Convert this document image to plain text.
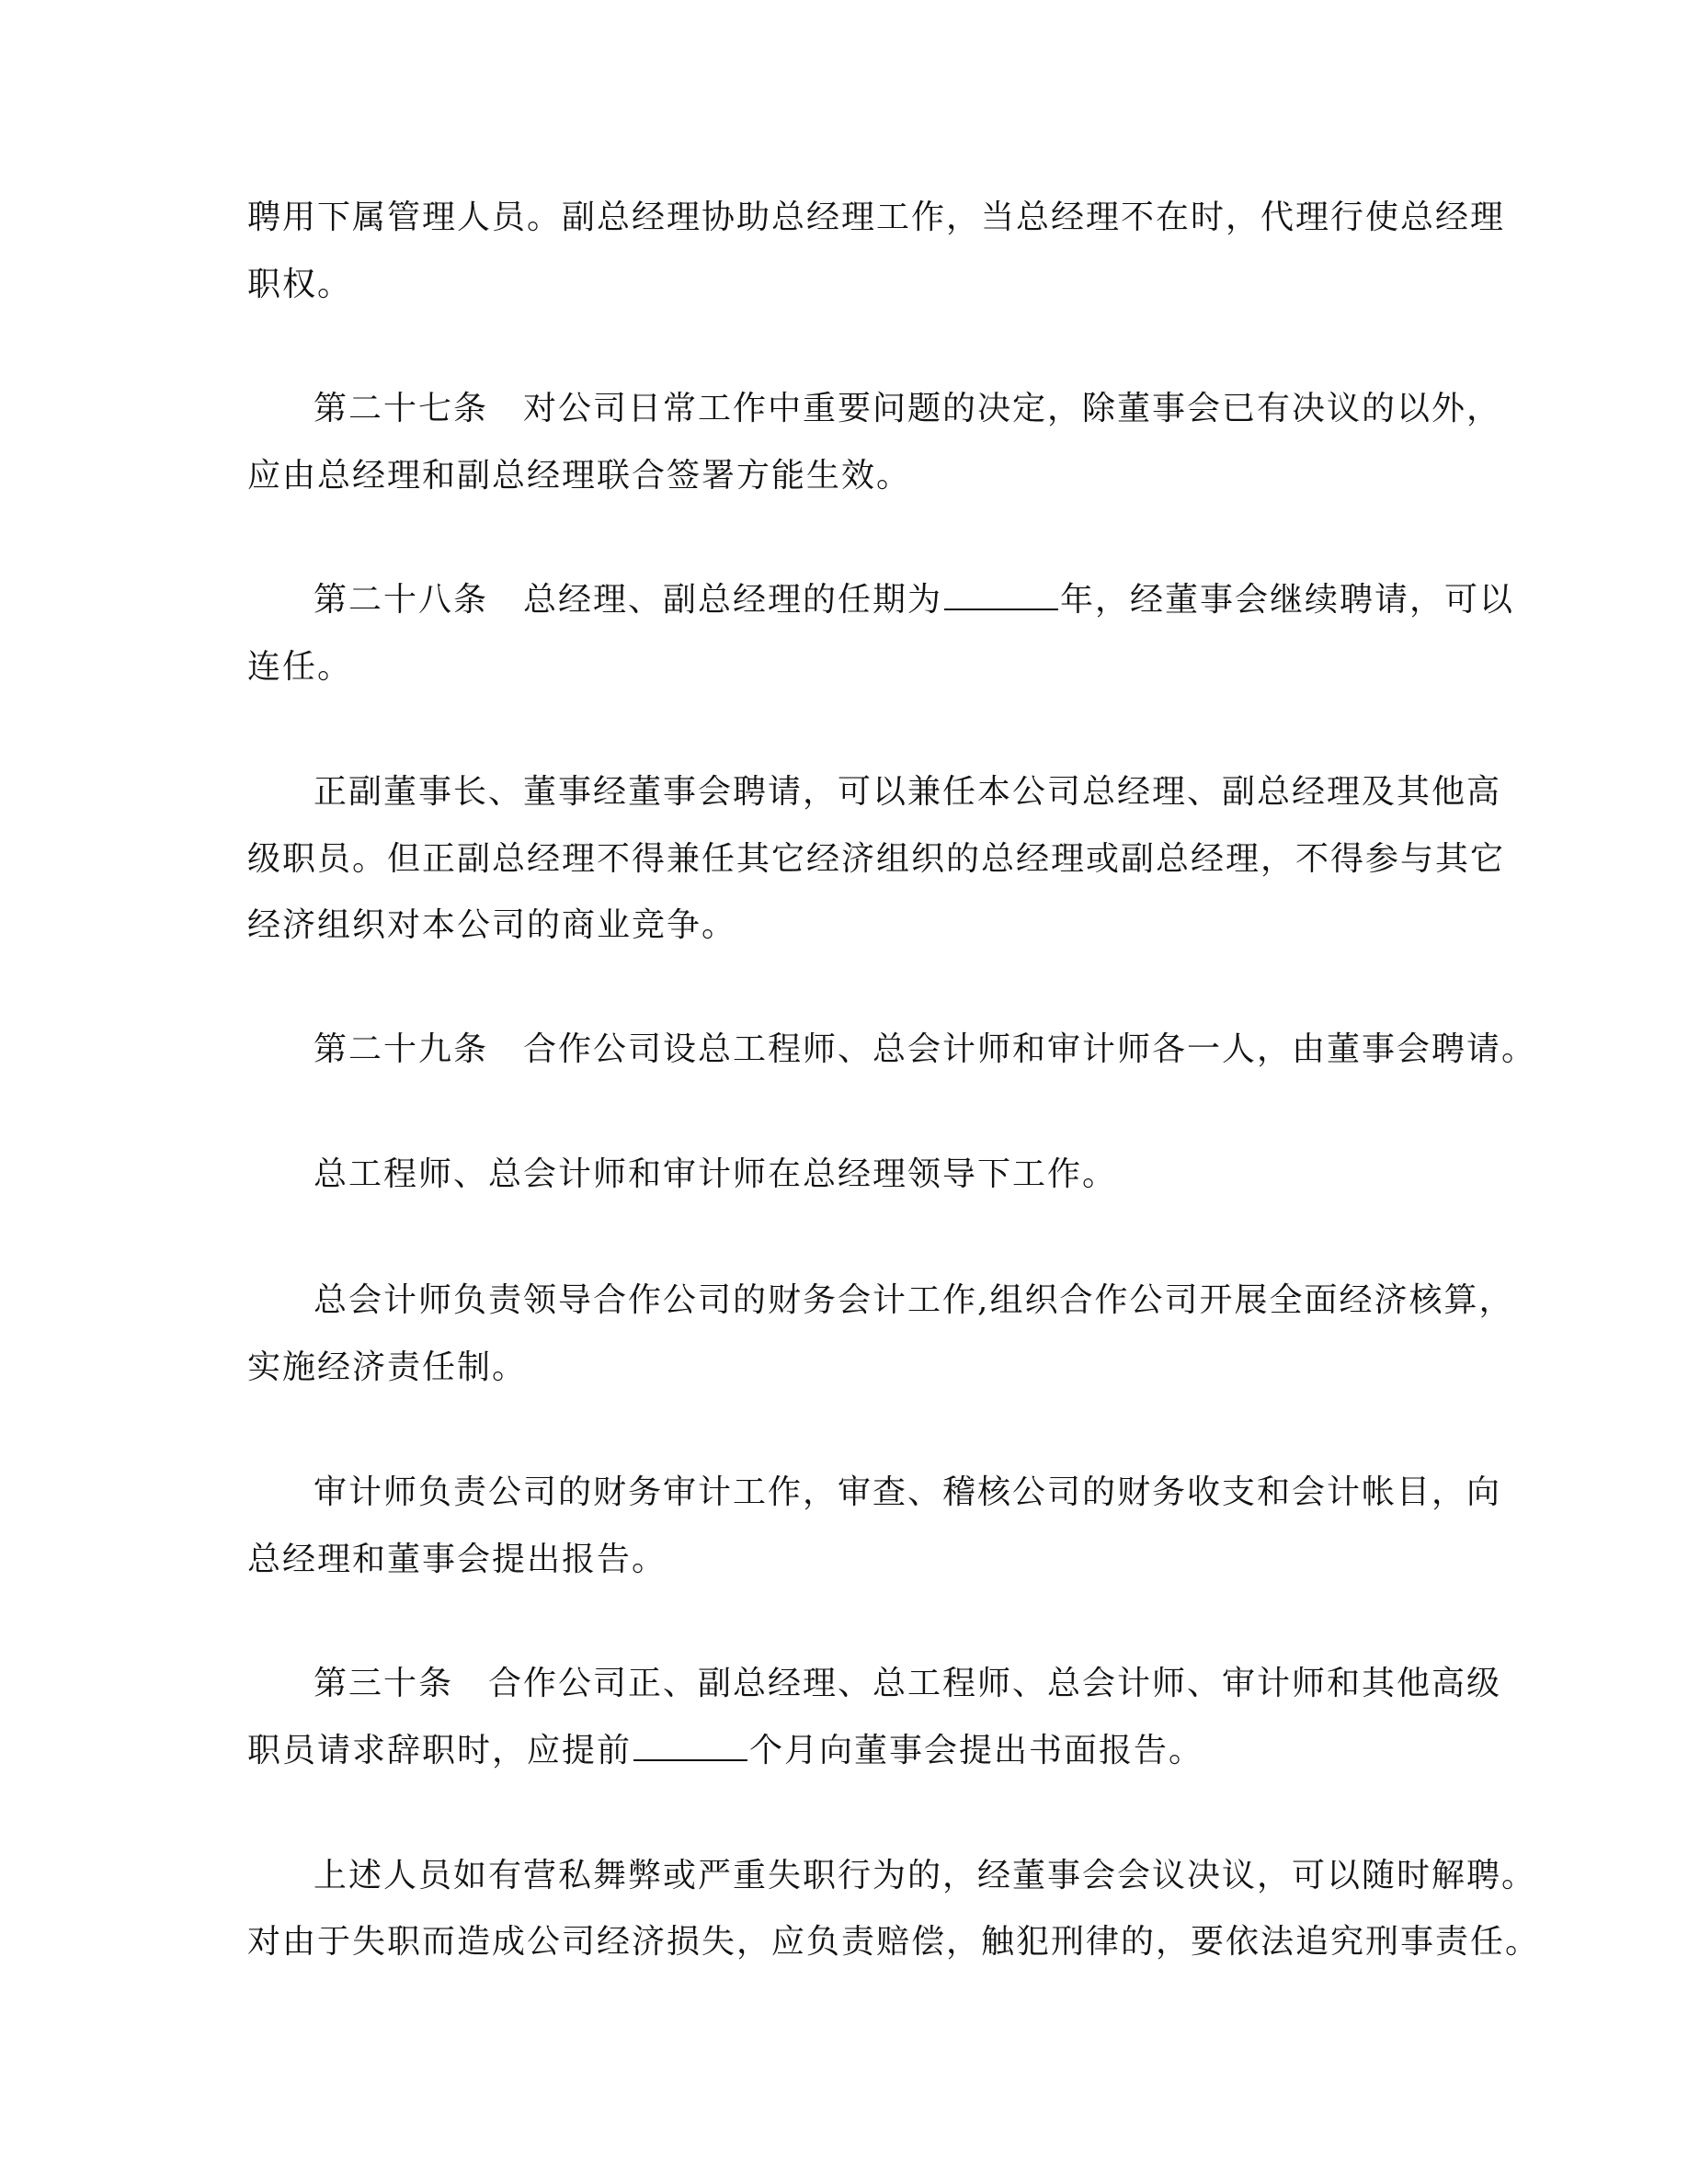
聘用下属管理人员。副总经理协助总经理工作，当总经理不在时，代理行使总经理
职权。
第二十七条　对公司日常工作中重要问题的决定，除董事会已有决议的以外，
应由总经理和副总经理联合签署方能生效。
第二十八条　总经理、副总经理的任期为	年，经董事会继续聘请，可以
连任。
正副董事长、董事经董事会聘请，可以兼任本公司总经理、副总经理及其他高
级职员。但正副总经理不得兼任其它经济组织的总经理或副总经理，不得参与其它
经济组织对本公司的商业竞争。
第二十九条　合作公司设总工程师、总会计师和审计师各一人，由董事会聘请。
总工程师、总会计师和审计师在总经理领导下工作。
总会计师负责领导合作公司的财务会计工作,组织合作公司开展全面经济核算，
实施经济责任制。
审计师负责公司的财务审计工作，审查、稽核公司的财务收支和会计帐目，向
总经理和董事会提出报告。
第三十条　合作公司正、副总经理、总工程师、总会计师、审计师和其他高级
职员请求辞职时，应提前	个月向董事会提出书面报告。
上述人员如有营私舞弊或严重失职行为的，经董事会会议决议，可以随时解聘。
对由于失职而造成公司经济损失，应负责赔偿，触犯刑律的，要依法追究刑事责任。
